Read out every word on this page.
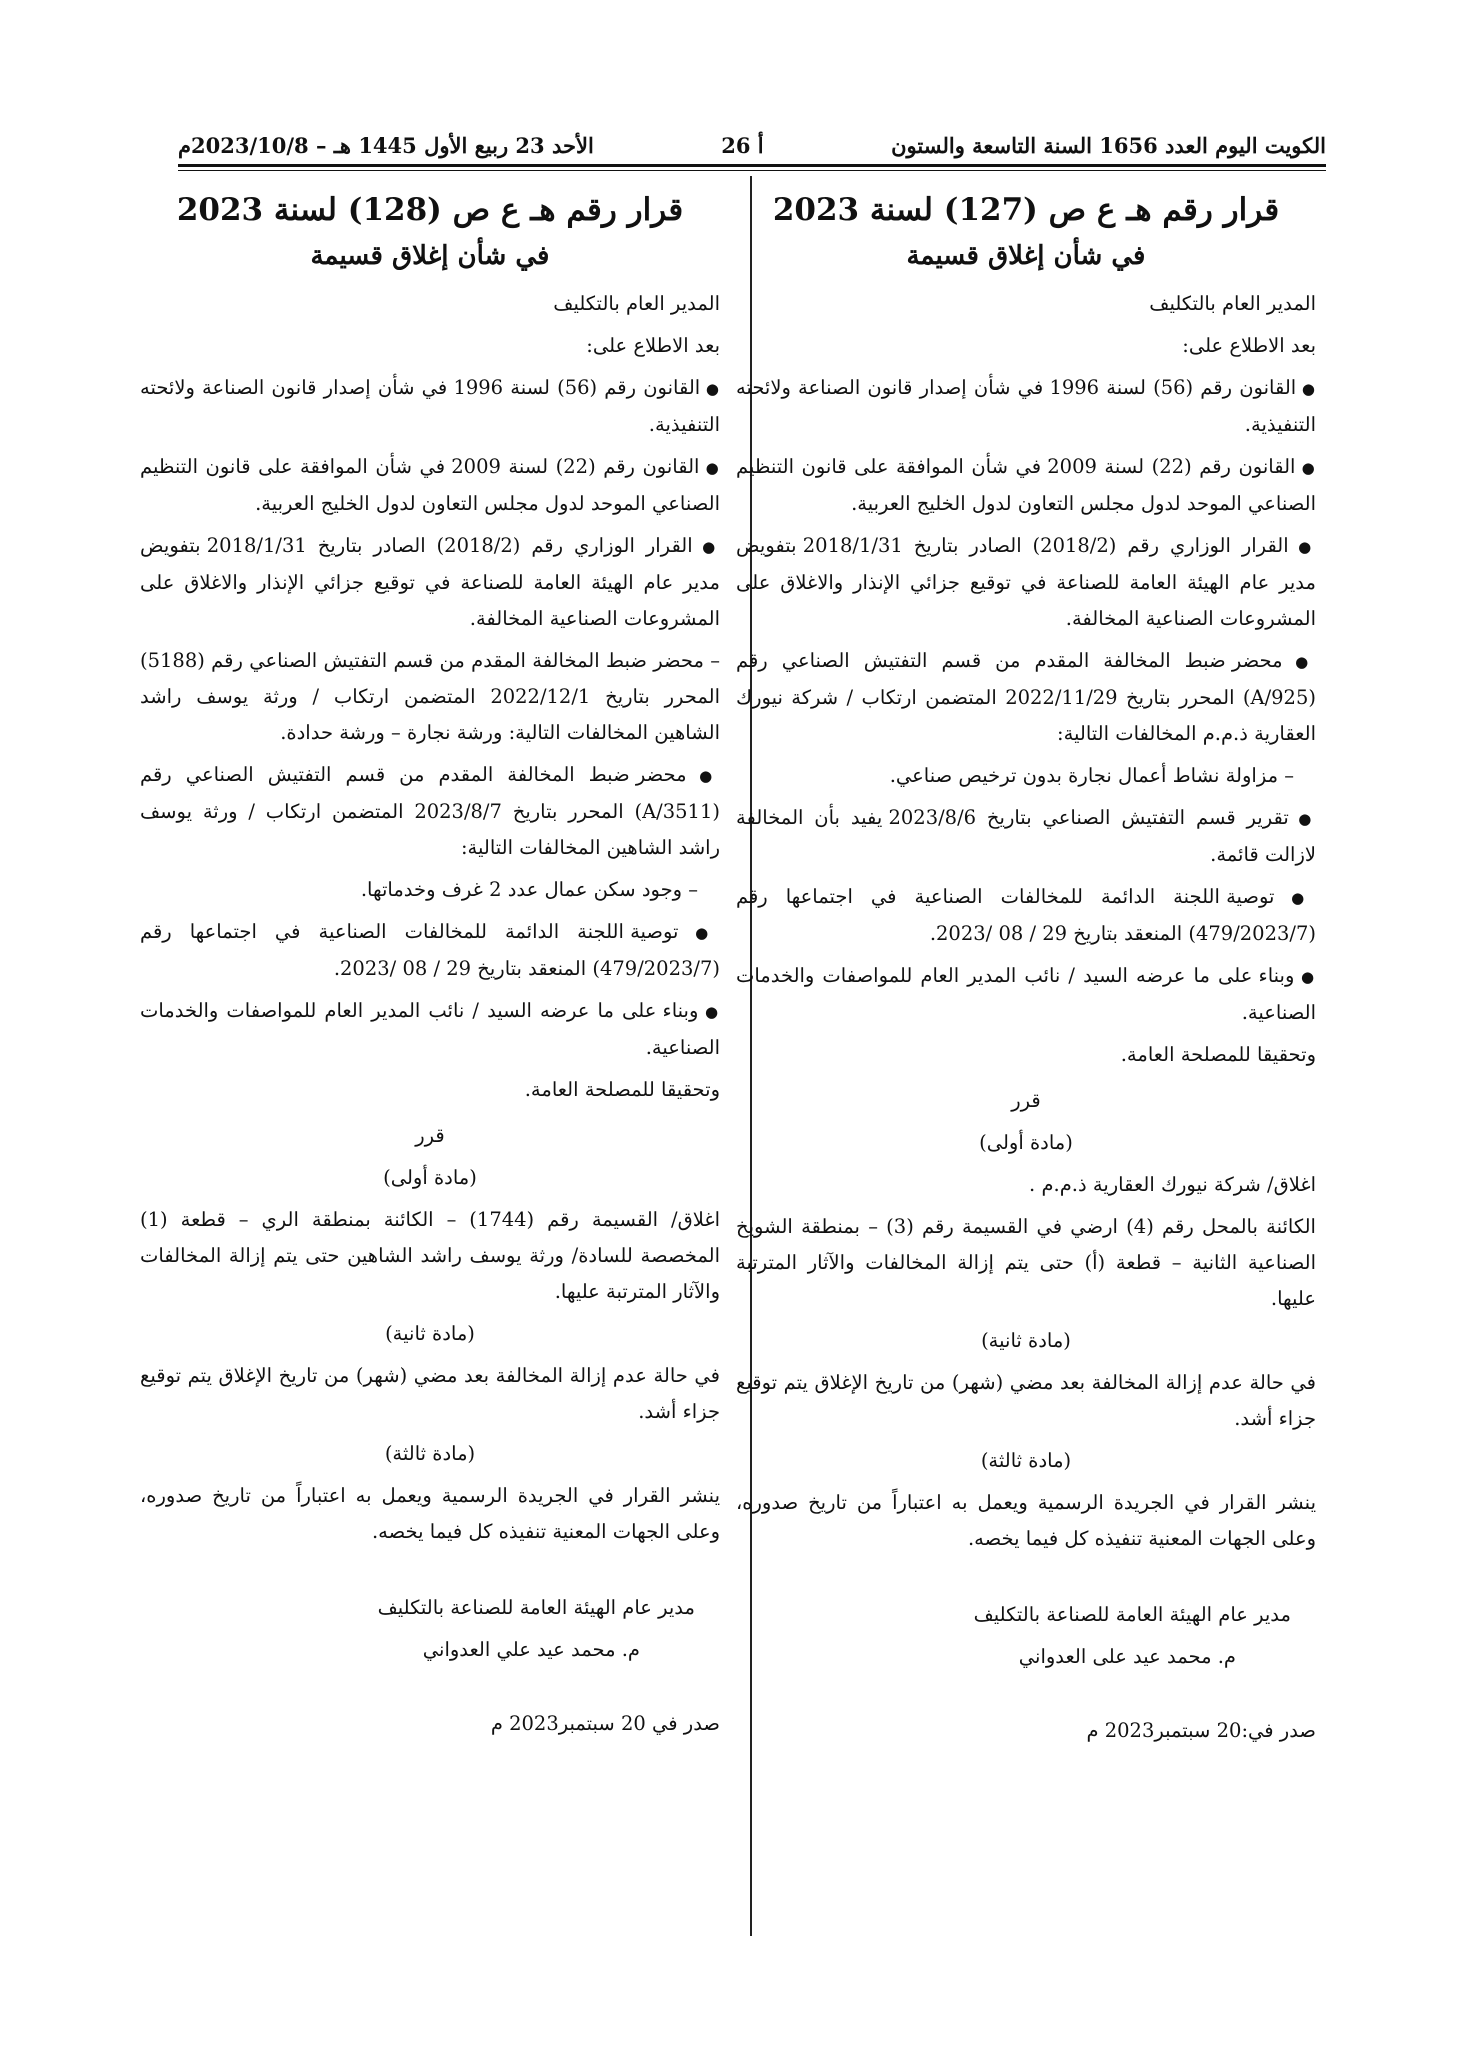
الكويت اليوم العدد 1656 السنة التاسعة والستون
أ 26
الأحد 23 ربيع الأول 1445 هـ – 2023/10/8م
قرار رقم هـ ع ص (127) لسنة 2023
في شأن إغلاق قسيمة

المدير العام بالتكليف

بعد الاطلاع على:

● القانون رقم (56) لسنة 1996 في شأن إصدار قانون الصناعة ولائحته التنفيذية.

● القانون رقم (22) لسنة 2009 في شأن الموافقة على قانون التنظيم الصناعي الموحد لدول مجلس التعاون لدول الخليج العربية.

● القرار الوزاري رقم (2018/2) الصادر بتاريخ 2018/1/31 بتفويض مدير عام الهيئة العامة للصناعة في توقيع جزائي الإنذار والاغلاق على المشروعات الصناعية المخالفة.

● محضر ضبط المخالفة المقدم من قسم التفتيش الصناعي رقم (A/925) المحرر بتاريخ 2022/11/29 المتضمن ارتكاب / شركة نيورك العقارية ذ.م.م المخالفات التالية:

– مزاولة نشاط أعمال نجارة بدون ترخيص صناعي.

● تقرير قسم التفتيش الصناعي بتاريخ 2023/8/6 يفيد بأن المخالفة لازالت قائمة.

● توصية اللجنة الدائمة للمخالفات الصناعية في اجتماعها رقم (479/2023/7) المنعقد بتاريخ 29 / 08 /2023.

● وبناء على ما عرضه السيد / نائب المدير العام للمواصفات والخدمات الصناعية.

وتحقيقا للمصلحة العامة.

قرر

(مادة أولى)

اغلاق/ شركة نيورك العقارية ذ.م.م .

الكائنة بالمحل رقم (4) ارضي في القسيمة رقم (3) – بمنطقة الشويخ الصناعية الثانية – قطعة (أ) حتى يتم إزالة المخالفات والآثار المترتبة عليها.

(مادة ثانية)

في حالة عدم إزالة المخالفة بعد مضي (شهر) من تاريخ الإغلاق يتم توقيع جزاء أشد.

(مادة ثالثة)

ينشر القرار في الجريدة الرسمية ويعمل به اعتباراً من تاريخ صدوره، وعلى الجهات المعنية تنفيذه كل فيما يخصه.

مدير عام الهيئة العامة للصناعة بالتكليف

م. محمد عيد على العدواني

صدر في:20 سبتمبر2023 م

قرار رقم هـ ع ص (128) لسنة 2023
في شأن إغلاق قسيمة

المدير العام بالتكليف

بعد الاطلاع على:

● القانون رقم (56) لسنة 1996 في شأن إصدار قانون الصناعة ولائحته التنفيذية.

● القانون رقم (22) لسنة 2009 في شأن الموافقة على قانون التنظيم الصناعي الموحد لدول مجلس التعاون لدول الخليج العربية.

● القرار الوزاري رقم (2018/2) الصادر بتاريخ 2018/1/31 بتفويض مدير عام الهيئة العامة للصناعة في توقيع جزائي الإنذار والاغلاق على المشروعات الصناعية المخالفة.

– محضر ضبط المخالفة المقدم من قسم التفتيش الصناعي رقم (5188) المحرر بتاريخ 2022/12/1 المتضمن ارتكاب / ورثة يوسف راشد الشاهين المخالفات التالية: ورشة نجارة – ورشة حدادة.

● محضر ضبط المخالفة المقدم من قسم التفتيش الصناعي رقم (A/3511) المحرر بتاريخ 2023/8/7 المتضمن ارتكاب / ورثة يوسف راشد الشاهين المخالفات التالية:

– وجود سكن عمال عدد 2 غرف وخدماتها.

● توصية اللجنة الدائمة للمخالفات الصناعية في اجتماعها رقم (479/2023/7) المنعقد بتاريخ 29 / 08 /2023.

● وبناء على ما عرضه السيد / نائب المدير العام للمواصفات والخدمات الصناعية.

وتحقيقا للمصلحة العامة.

قرر

(مادة أولى)

اغلاق/ القسيمة رقم (1744) – الكائنة بمنطقة الري – قطعة (1) المخصصة للسادة/ ورثة يوسف راشد الشاهين حتى يتم إزالة المخالفات والآثار المترتبة عليها.

(مادة ثانية)

في حالة عدم إزالة المخالفة بعد مضي (شهر) من تاريخ الإغلاق يتم توقيع جزاء أشد.

(مادة ثالثة)

ينشر القرار في الجريدة الرسمية ويعمل به اعتباراً من تاريخ صدوره، وعلى الجهات المعنية تنفيذه كل فيما يخصه.

مدير عام الهيئة العامة للصناعة بالتكليف

م. محمد عيد علي العدواني

صدر في 20 سبتمبر2023 م
